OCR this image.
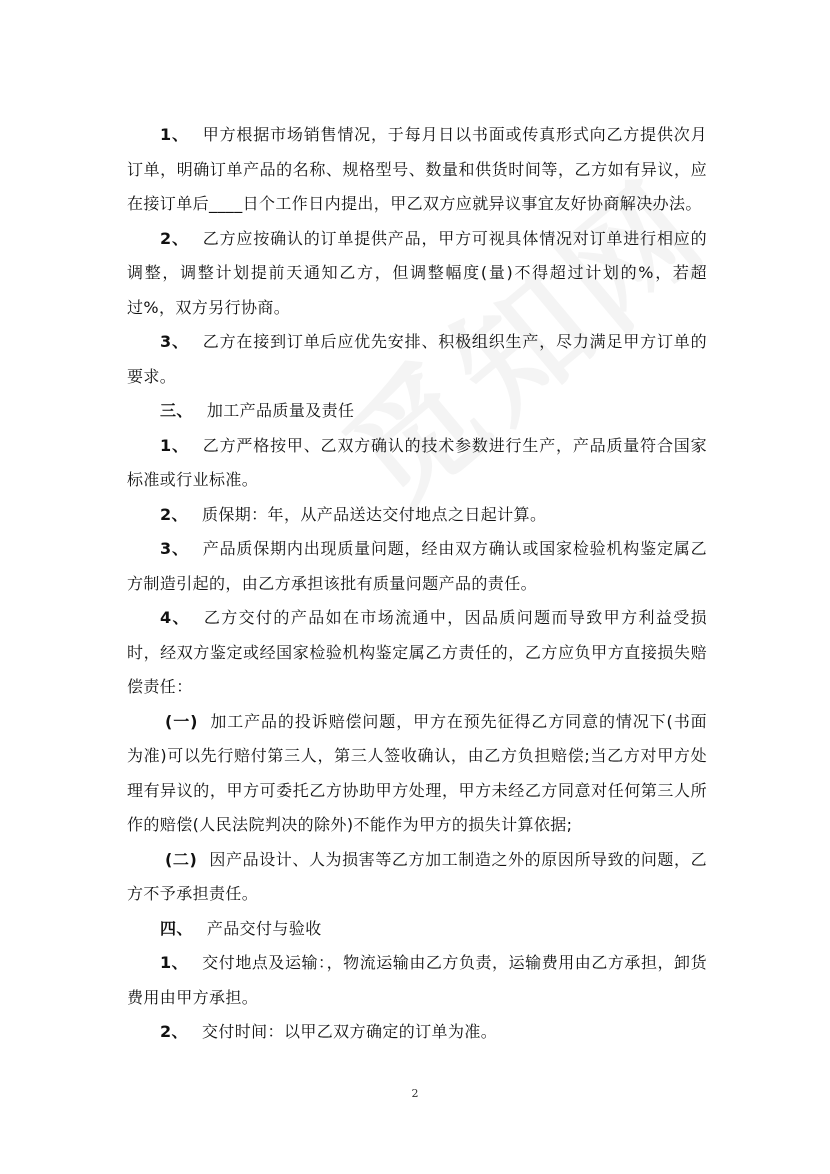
1、 甲方根据市场销售情况，于每月日以书面或传真形式向乙方提供次月订单，明确订单产品的名称、规格型号、数量和供货时间等，乙方如有异议，应在接订单后____日个工作日内提出，甲乙双方应就异议事宜友好协商解决办法。

2、 乙方应按确认的订单提供产品，甲方可视具体情况对订单进行相应的调整，调整计划提前天通知乙方，但调整幅度(量)不得超过计划的%，若超过%，双方另行协商。

3、 乙方在接到订单后应优先安排、积极组织生产，尽力满足甲方订单的要求。

三、 加工产品质量及责任

1、 乙方严格按甲、乙双方确认的技术参数进行生产，产品质量符合国家标准或行业标准。

2、 质保期：年，从产品送达交付地点之日起计算。

3、 产品质保期内出现质量问题，经由双方确认或国家检验机构鉴定属乙方制造引起的，由乙方承担该批有质量问题产品的责任。

4、 乙方交付的产品如在市场流通中，因品质问题而导致甲方利益受损时，经双方鉴定或经国家检验机构鉴定属乙方责任的，乙方应负甲方直接损失赔偿责任：

(一) 加工产品的投诉赔偿问题，甲方在预先征得乙方同意的情况下(书面为准)可以先行赔付第三人，第三人签收确认，由乙方负担赔偿;当乙方对甲方处理有异议的，甲方可委托乙方协助甲方处理，甲方未经乙方同意对任何第三人所作的赔偿(人民法院判决的除外)不能作为甲方的损失计算依据;

(二) 因产品设计、人为损害等乙方加工制造之外的原因所导致的问题，乙方不予承担责任。

四、 产品交付与验收

1、 交付地点及运输：，物流运输由乙方负责，运输费用由乙方承担，卸货费用由甲方承担。

2、 交付时间：以甲乙双方确定的订单为准。

2
